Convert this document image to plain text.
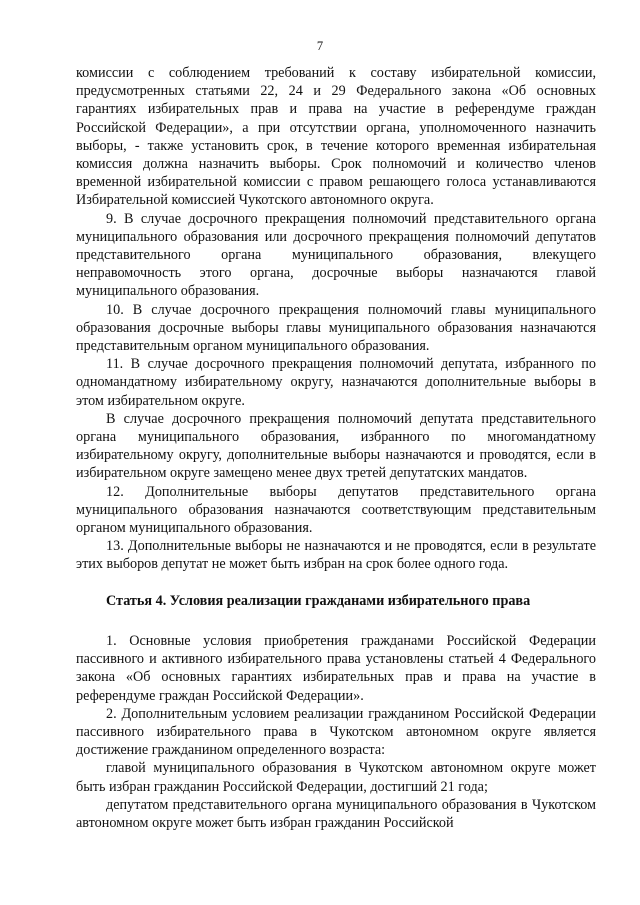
7

комиссии с соблюдением требований к составу избирательной комиссии, предусмотренных статьями 22, 24 и 29 Федерального закона «Об основных гарантиях избирательных прав и права на участие в референдуме граждан Российской Федерации», а при отсутствии органа, уполномоченного назначить выборы, - также установить срок, в течение которого временная избирательная комиссия должна назначить выборы. Срок полномочий и количество членов временной избирательной комиссии с правом решающего голоса устанавливаются Избирательной комиссией Чукотского автономного округа.

9. В случае досрочного прекращения полномочий представительного органа муниципального образования или досрочного прекращения полномочий депутатов представительного органа муниципального образования, влекущего неправомочность этого органа, досрочные выборы назначаются главой муниципального образования.

10. В случае досрочного прекращения полномочий главы муниципального образования досрочные выборы главы муниципального образования назначаются представительным органом муниципального образования.

11. В случае досрочного прекращения полномочий депутата, избранного по одномандатному избирательному округу, назначаются дополнительные выборы в этом избирательном округе.

В случае досрочного прекращения полномочий депутата представительного органа муниципального образования, избранного по многомандатному избирательному округу, дополнительные выборы назначаются и проводятся, если в избирательном округе замещено менее двух третей депутатских мандатов.

12. Дополнительные выборы депутатов представительного органа муниципального образования назначаются соответствующим представительным органом муниципального образования.

13. Дополнительные выборы не назначаются и не проводятся, если в результате этих выборов депутат не может быть избран на срок более одного года.

Статья 4. Условия реализации гражданами избирательного права

1. Основные условия приобретения гражданами Российской Федерации пассивного и активного избирательного права установлены статьей 4 Федерального закона «Об основных гарантиях избирательных прав и права на участие в референдуме граждан Российской Федерации».

2. Дополнительным условием реализации гражданином Российской Федерации пассивного избирательного права в Чукотском автономном округе является достижение гражданином определенного возраста:

главой муниципального образования в Чукотском автономном округе может быть избран гражданин Российской Федерации, достигший 21 года;

депутатом представительного органа муниципального образования в Чукотском автономном округе может быть избран гражданин Российской
